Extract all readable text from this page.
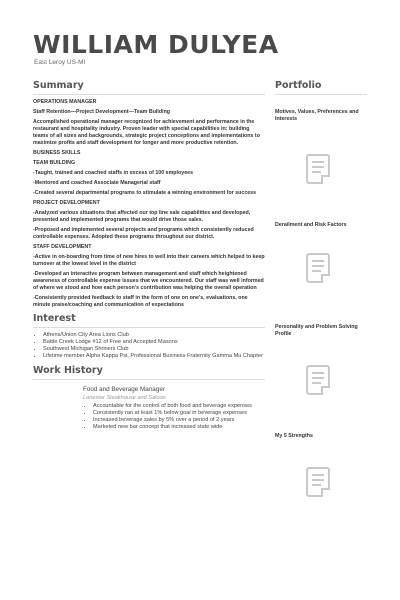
WILLIAM DULYEA
East Leroy US-MI
Summary

OPERATIONS MANAGER

Staff Retention—Project Development—Team Building

Accomplished operational manager recognized for achievement and performance in the restaurant and hospitality industry. Proven leader with special capabilities in: building teams of all sizes and backgrounds, strategic project conceptions and implementations to maximize profits and staff development for longer and more productive retention.

BUSINESS SKILLS

TEAM BUILDING

-Taught, trained and coached staffs in excess of 100 employees

-Mentored and coached Associate Managerial staff

-Created several departmental programs to stimulate a winning environment for success

PROJECT DEVELOPMENT

-Analyzed various situations that affected our top line sale capabilities and developed, presented and implemented programs that would drive those sales.

-Proposed and implemented several projects and programs which consistently reduced controllable expenses. Adopted these programs throughout our district.

STAFF DEVELOPMENT

-Active in on-boarding from time of new hires to well into their careers which helped to keep turnover at the lowest level in the district

-Developed an interactive program between management and staff which heightened awareness of controllable expense issues that we encountered. Our staff was well informed of where we stood and how each person's contribution was helping the overall operation

-Consistently provided feedback to staff in the form of one on one's, evaluations, one minute praise/coaching and communication of expectations

Interest
• Athens/Union City Area Lions Club
• Battle Creek Lodge #12 of Free and Accepted Masons
• Southwest Michigan Shriners Club
• Lifetime member Alpha Kappa Psi, Professional Business Fraternity Gamma Mu Chapter
Work History
Food and Beverage Manager
Lonestar Steakhouse and Saloon
• Accountable for the control of both food and beverage expenses
• Consistently ran at least 1% below goal in beverage expenses
• Increased beverage sales by 5% over a period of 2 years
• Marketed new bar concept that increased state wide
Portfolio

Motives, Values, Preferences and Interests

Derailment and Risk Factors

Personality and Problem Solving Profile

My 5 Strengths
